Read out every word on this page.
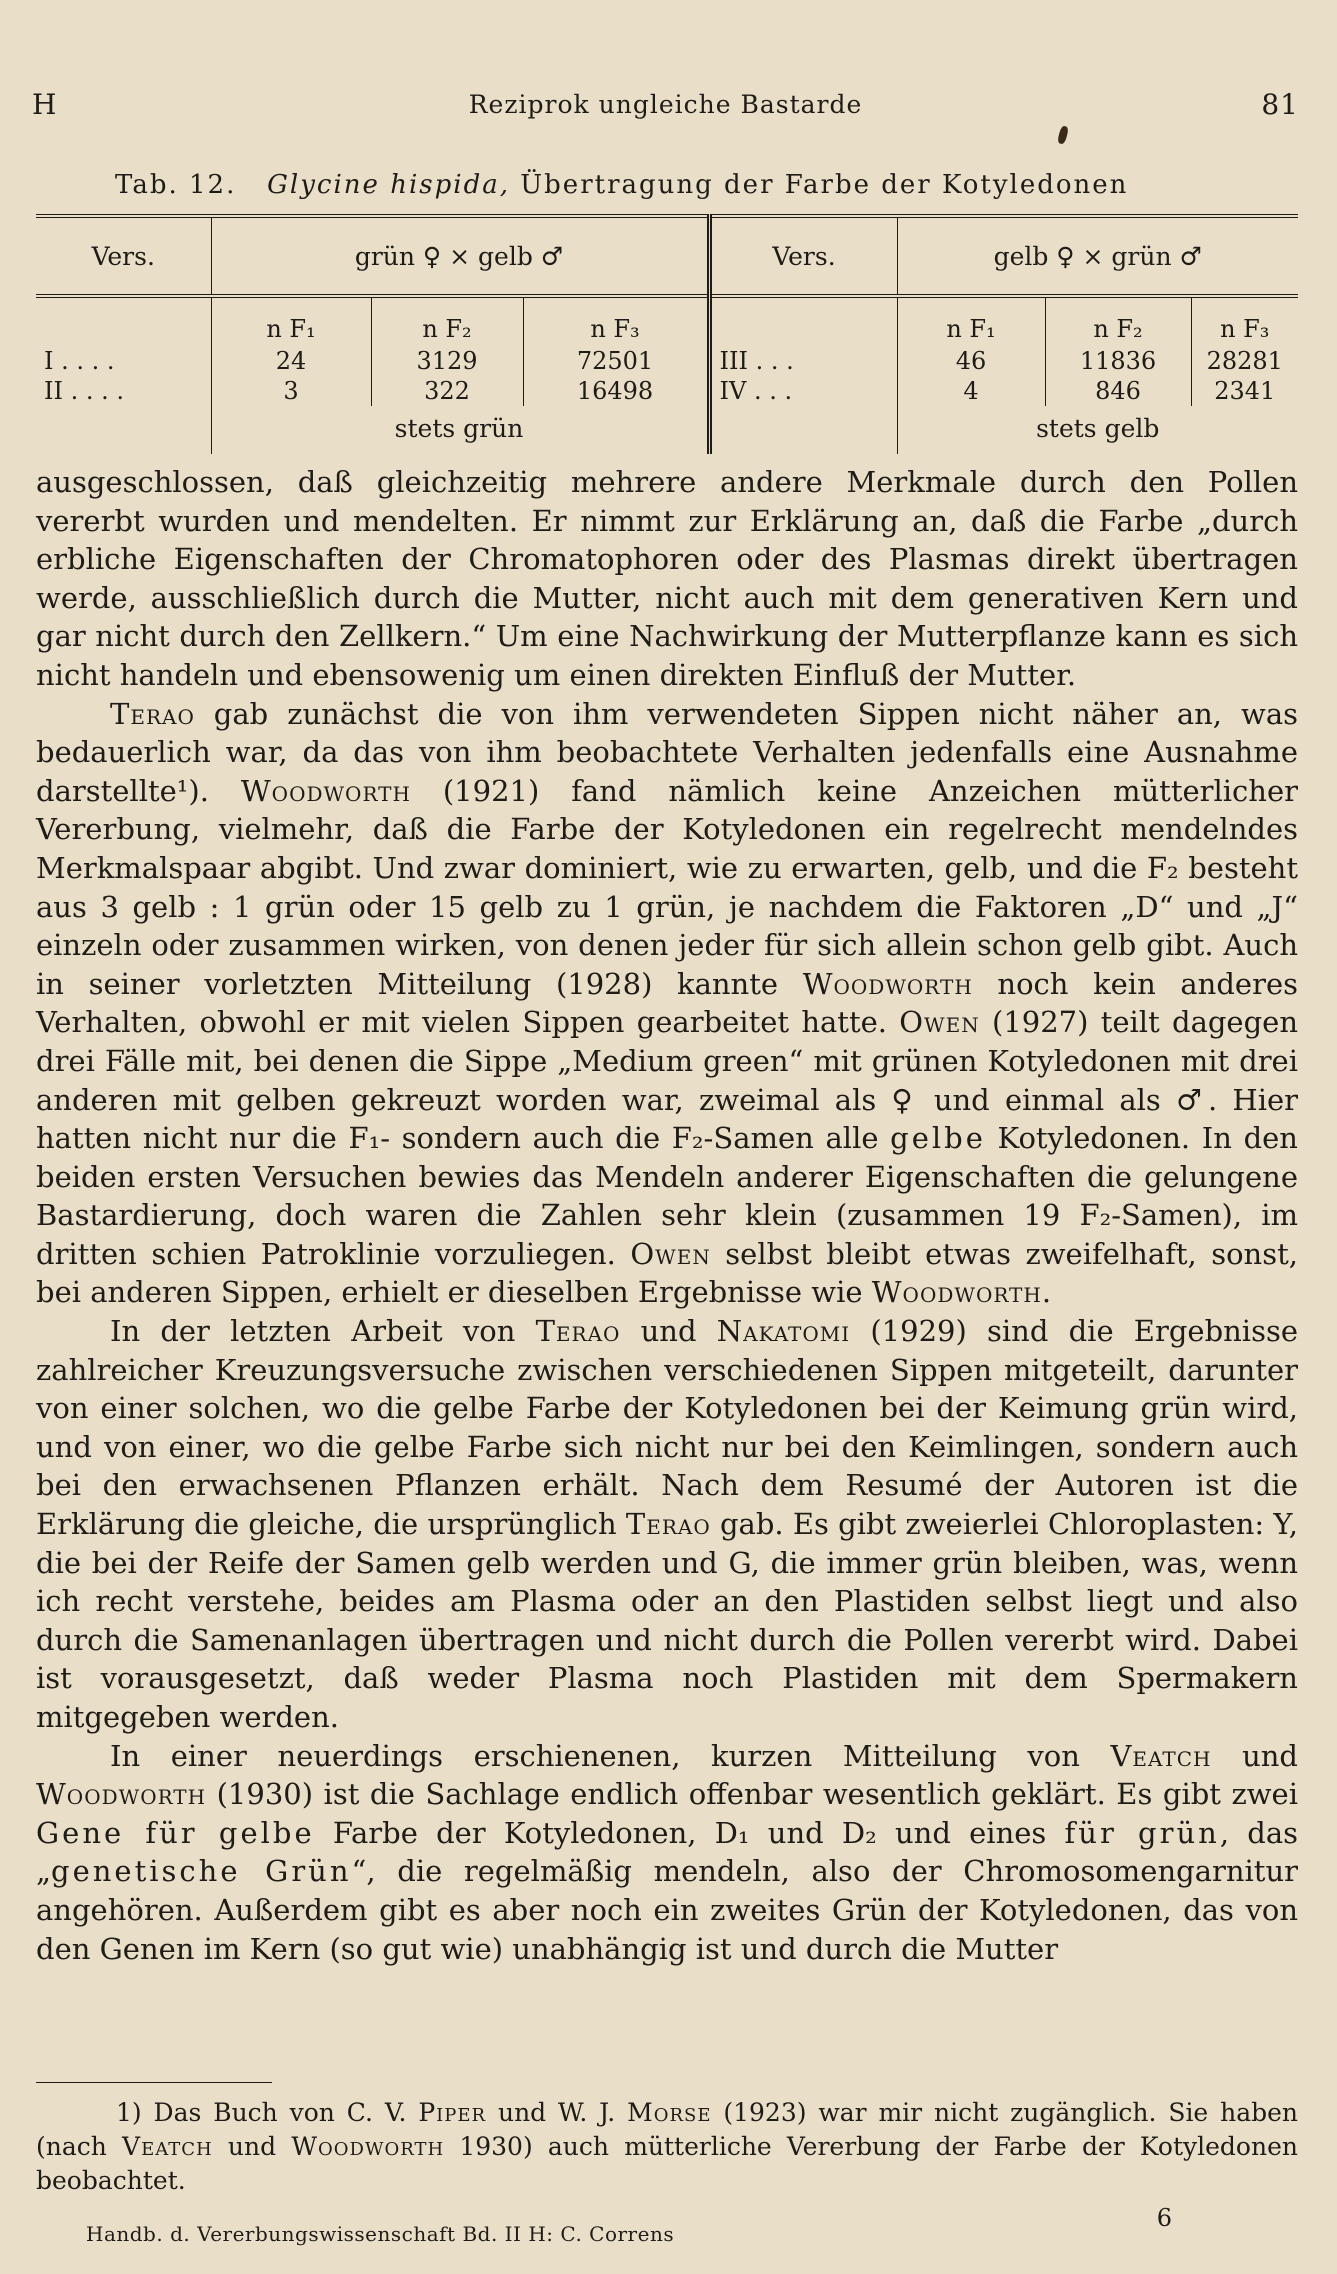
H	Reziprok ungleiche Bastarde	81
Tab. 12. Glycine hispida, Übertragung der Farbe der Kotyledonen
Vers.	grün ♀ × gelb ♂			Vers.	gelb ♀ × grün ♂		
	n F₁	n F₂	n F₃		n F₁	n F₂	n F₃
I . . . .	24	3129	72501	III . . .	46	11836	28281
II . . . .	3	322	16498	IV . . .	4	846	2341
	stets grün				stets gelb		

ausgeschlossen, daß gleichzeitig mehrere andere Merkmale durch den Pollen vererbt wurden und mendelten. Er nimmt zur Erklärung an, daß die Farbe „durch erbliche Eigenschaften der Chromatophoren oder des Plasmas direkt übertragen werde, ausschließlich durch die Mutter, nicht auch mit dem generativen Kern und gar nicht durch den Zellkern.“ Um eine Nachwirkung der Mutterpflanze kann es sich nicht handeln und ebensowenig um einen direkten Einfluß der Mutter.

Terao gab zunächst die von ihm verwendeten Sippen nicht näher an, was bedauerlich war, da das von ihm beobachtete Verhalten jedenfalls eine Ausnahme darstellte¹). Woodworth (1921) fand nämlich keine Anzeichen mütterlicher Vererbung, vielmehr, daß die Farbe der Kotyledonen ein regelrecht mendelndes Merkmalspaar abgibt. Und zwar dominiert, wie zu erwarten, gelb, und die F₂ besteht aus 3 gelb : 1 grün oder 15 gelb zu 1 grün, je nachdem die Faktoren „D“ und „J“ einzeln oder zusammen wirken, von denen jeder für sich allein schon gelb gibt. Auch in seiner vorletzten Mitteilung (1928) kannte Woodworth noch kein anderes Verhalten, obwohl er mit vielen Sippen gearbeitet hatte. Owen (1927) teilt dagegen drei Fälle mit, bei denen die Sippe „Medium green“ mit grünen Kotyledonen mit drei anderen mit gelben gekreuzt worden war, zweimal als ♀ und einmal als ♂. Hier hatten nicht nur die F₁- sondern auch die F₂-Samen alle gelbe Kotyledonen. In den beiden ersten Versuchen bewies das Mendeln anderer Eigenschaften die gelungene Bastardierung, doch waren die Zahlen sehr klein (zusammen 19 F₂-Samen), im dritten schien Patroklinie vorzuliegen. Owen selbst bleibt etwas zweifelhaft, sonst, bei anderen Sippen, erhielt er dieselben Ergebnisse wie Woodworth.

In der letzten Arbeit von Terao und Nakatomi (1929) sind die Ergebnisse zahlreicher Kreuzungsversuche zwischen verschiedenen Sippen mitgeteilt, darunter von einer solchen, wo die gelbe Farbe der Kotyledonen bei der Keimung grün wird, und von einer, wo die gelbe Farbe sich nicht nur bei den Keimlingen, sondern auch bei den erwachsenen Pflanzen erhält. Nach dem Resumé der Autoren ist die Erklärung die gleiche, die ursprünglich Terao gab. Es gibt zweierlei Chloroplasten: Y, die bei der Reife der Samen gelb werden und G, die immer grün bleiben, was, wenn ich recht verstehe, beides am Plasma oder an den Plastiden selbst liegt und also durch die Samenanlagen übertragen und nicht durch die Pollen vererbt wird. Dabei ist vorausgesetzt, daß weder Plasma noch Plastiden mit dem Spermakern mitgegeben werden.

In einer neuerdings erschienenen, kurzen Mitteilung von Veatch und Woodworth (1930) ist die Sachlage endlich offenbar wesentlich geklärt. Es gibt zwei Gene für gelbe Farbe der Kotyledonen, D₁ und D₂ und eines für grün, das „genetische Grün“, die regelmäßig mendeln, also der Chromosomengarnitur angehören. Außerdem gibt es aber noch ein zweites Grün der Kotyledonen, das von den Genen im Kern (so gut wie) unabhängig ist und durch die Mutter

1) Das Buch von C. V. Piper und W. J. Morse (1923) war mir nicht zugänglich. Sie haben (nach Veatch und Woodworth 1930) auch mütterliche Vererbung der Farbe der Kotyledonen beobachtet.
6
Handb. d. Vererbungswissenschaft Bd. II H: C. Correns
